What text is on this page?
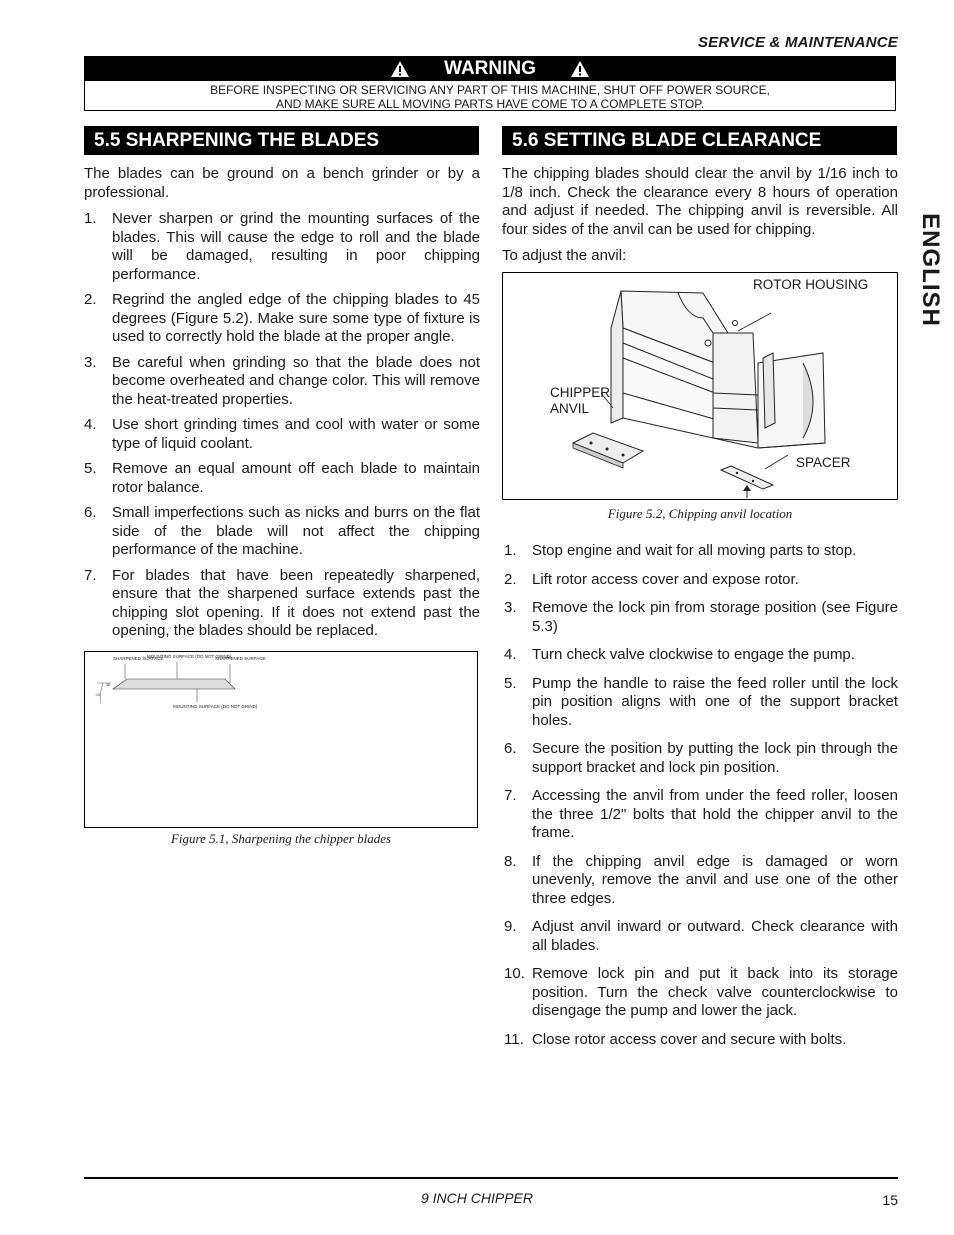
SERVICE & MAINTENANCE
WARNING
BEFORE INSPECTING OR SERVICING ANY PART OF THIS MACHINE, SHUT OFF POWER SOURCE,
AND MAKE SURE ALL MOVING PARTS HAVE COME TO A COMPLETE STOP.
ENGLISH
5.5 SHARPENING THE BLADES

The blades can be ground on a bench grinder or by a professional.

1. Never sharpen or grind the mounting surfaces of the blades. This will cause the edge to roll and the blade will be damaged, resulting in poor chipping performance.
2. Regrind the angled edge of the chipping blades to 45 degrees (Figure 5.2). Make sure some type of fixture is used to correctly hold the blade at the proper angle.
3. Be careful when grinding so that the blade does not become overheated and change color. This will remove the heat-treated properties.
4. Use short grinding times and cool with water or some type of liquid coolant.
5. Remove an equal amount off each blade to maintain rotor balance.
6. Small imperfections such as nicks and burrs on the flat side of the blade will not affect the chipping performance of the machine.
7. For blades that have been repeatedly sharpened, ensure that the sharpened surface extends past the chipping slot opening. If it does not extend past the opening, the blades should be replaced.
SHARPENED SURFACE
MOUNTING SURFACE (DO NOT GRIND)
SHARPENED SURFACE
MOUNTING SURFACE (DO NOT GRIND)
.38
.13
Figure 5.1, Sharpening the chipper blades
5.6 SETTING BLADE CLEARANCE

The chipping blades should clear the anvil by 1/16 inch to 1/8 inch. Check the clearance every 8 hours of operation and adjust if needed. The chipping anvil is reversible. All four sides of the anvil can be used for chipping.

To adjust the anvil:

ROTOR HOUSING
CHIPPER ANVIL
SPACER
Figure 5.2, Chipping anvil location
1. Stop engine and wait for all moving parts to stop.
2. Lift rotor access cover and expose rotor.
3. Remove the lock pin from storage position (see Figure 5.3)
4. Turn check valve clockwise to engage the pump.
5. Pump the handle to raise the feed roller until the lock pin position aligns with one of the support bracket holes.
6. Secure the position by putting the lock pin through the support bracket and lock pin position.
7. Accessing the anvil from under the feed roller, loosen the three 1/2" bolts that hold the chipper anvil to the frame.
8. If the chipping anvil edge is damaged or worn unevenly, remove the anvil and use one of the other three edges.
9. Adjust anvil inward or outward. Check clearance with all blades.
10. Remove lock pin and put it back into its storage position. Turn the check valve counterclockwise to disengage the pump and lower the jack.
11. Close rotor access cover and secure with bolts.
9 INCH CHIPPER	15
